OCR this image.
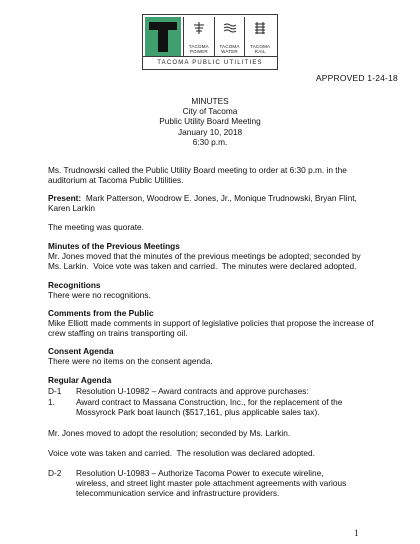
TACOMA
POWER
TACOMA
WATER
TACOMA
RAIL
TACOMA PUBLIC UTILITIES
APPROVED 1-24-18
MINUTES
City of Tacoma
Public Utility Board Meeting
January 10, 2018
6:30 p.m.
Ms. Trudnowski called the Public Utility Board meeting to order at 6:30 p.m. in the
auditorium at Tacoma Public Utilities.
Present:  Mark Patterson, Woodrow E. Jones, Jr., Monique Trudnowski, Bryan Flint,
Karen Larkin
The meeting was quorate.
Minutes of the Previous Meetings
Mr. Jones moved that the minutes of the previous meetings be adopted; seconded by
Ms. Larkin.  Voice vote was taken and carried.  The minutes were declared adopted.
Recognitions
There were no recognitions.
Comments from the Public
Mike Elliott made comments in support of legislative policies that propose the increase of
crew staffing on trains transporting oil.
Consent Agenda
There were no items on the consent agenda.
Regular Agenda
D-1 Resolution U-10982 – Award contracts and approve purchases:
1.	Award contract to Massana Construction, Inc., for the replacement of the
Mossyrock Park boat launch ($517,161, plus applicable sales tax).
Mr. Jones moved to adopt the resolution; seconded by Ms. Larkin.
Voice vote was taken and carried.  The resolution was declared adopted.
D-2 Resolution U-10983 – Authorize Tacoma Power to execute wireline,
wireless, and street light master pole attachment agreements with various
telecommunication service and infrastructure providers.
1
